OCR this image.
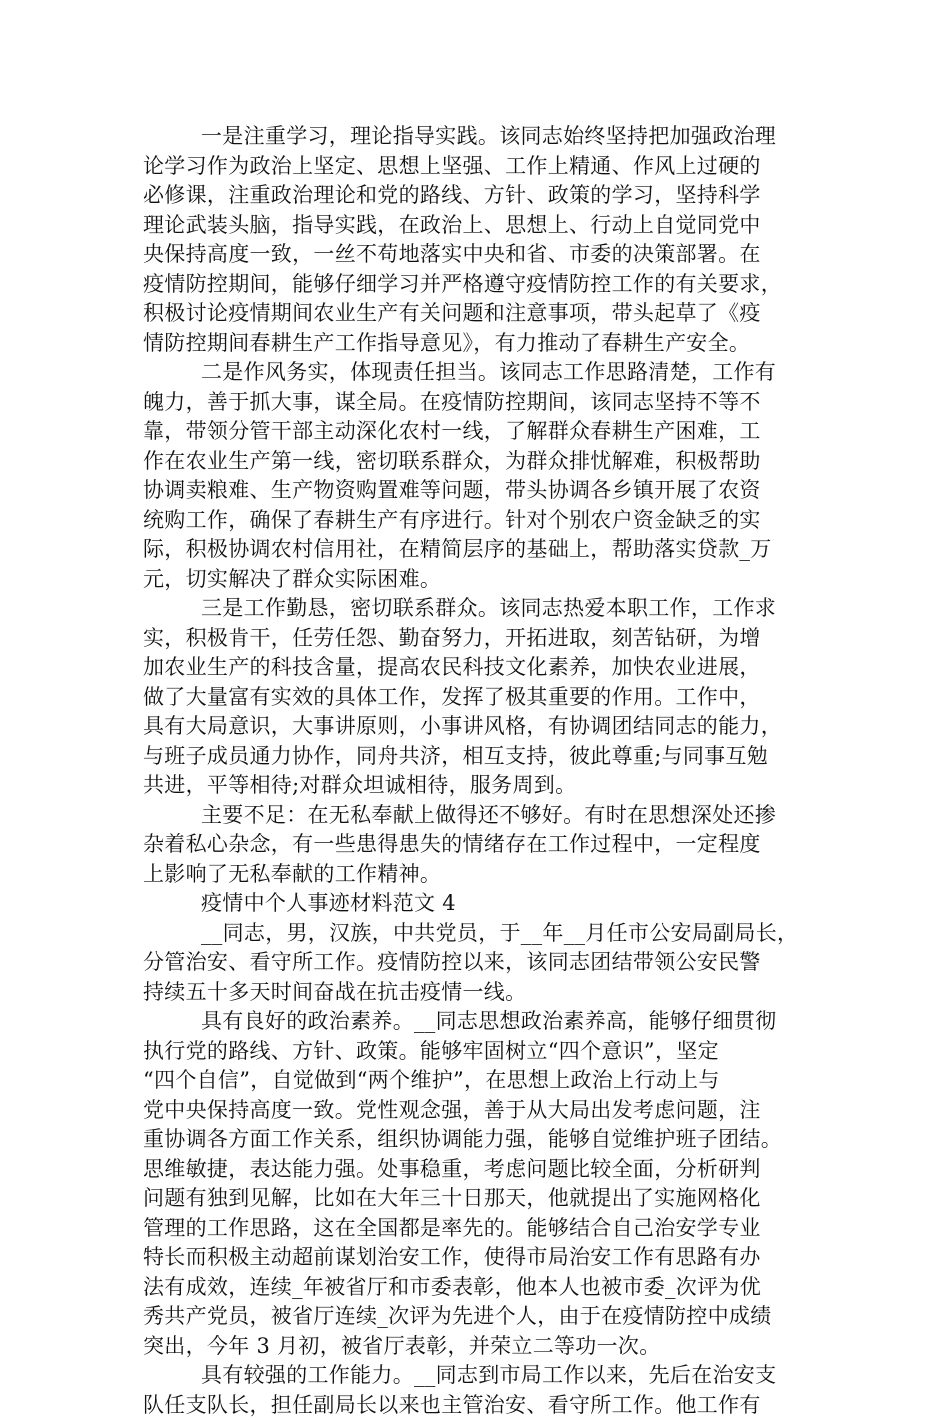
一是注重学习，理论指导实践。该同志始终坚持把加强政治理
论学习作为政治上坚定、思想上坚强、工作上精通、作风上过硬的
必修课，注重政治理论和党的路线、方针、政策的学习，坚持科学
理论武装头脑，指导实践，在政治上、思想上、行动上自觉同党中
央保持高度一致，一丝不苟地落实中央和省、市委的决策部署。在
疫情防控期间，能够仔细学习并严格遵守疫情防控工作的有关要求，
积极讨论疫情期间农业生产有关问题和注意事项，带头起草了《疫
情防控期间春耕生产工作指导意见》，有力推动了春耕生产安全。
二是作风务实，体现责任担当。该同志工作思路清楚，工作有
魄力，善于抓大事，谋全局。在疫情防控期间，该同志坚持不等不
靠，带领分管干部主动深化农村一线，了解群众春耕生产困难，工
作在农业生产第一线，密切联系群众，为群众排忧解难，积极帮助
协调卖粮难、生产物资购置难等问题，带头协调各乡镇开展了农资
统购工作，确保了春耕生产有序进行。针对个别农户资金缺乏的实
际，积极协调农村信用社，在精简层序的基础上，帮助落实贷款_万
元，切实解决了群众实际困难。
三是工作勤恳，密切联系群众。该同志热爱本职工作，工作求
实，积极肯干，任劳任怨、勤奋努力，开拓进取，刻苦钻研，为增
加农业生产的科技含量，提高农民科技文化素养，加快农业进展，
做了大量富有实效的具体工作，发挥了极其重要的作用。工作中，
具有大局意识，大事讲原则，小事讲风格，有协调团结同志的能力，
与班子成员通力协作，同舟共济，相互支持，彼此尊重;与同事互勉
共进，平等相待;对群众坦诚相待，服务周到。
主要不足：在无私奉献上做得还不够好。有时在思想深处还掺
杂着私心杂念，有一些患得患失的情绪存在工作过程中，一定程度
上影响了无私奉献的工作精神。
疫情中个人事迹材料范文 4
__同志，男，汉族，中共党员，于__年__月任市公安局副局长，
分管治安、看守所工作。疫情防控以来，该同志团结带领公安民警
持续五十多天时间奋战在抗击疫情一线。
具有良好的政治素养。__同志思想政治素养高，能够仔细贯彻
执行党的路线、方针、政策。能够牢固树立“四个意识”，坚定
“四个自信”，自觉做到“两个维护”，在思想上政治上行动上与
党中央保持高度一致。党性观念强，善于从大局出发考虑问题，注
重协调各方面工作关系，组织协调能力强，能够自觉维护班子团结。
思维敏捷，表达能力强。处事稳重，考虑问题比较全面，分析研判
问题有独到见解，比如在大年三十日那天，他就提出了实施网格化
管理的工作思路，这在全国都是率先的。能够结合自己治安学专业
特长而积极主动超前谋划治安工作，使得市局治安工作有思路有办
法有成效，连续_年被省厅和市委表彰，他本人也被市委_次评为优
秀共产党员，被省厅连续_次评为先进个人，由于在疫情防控中成绩
突出，今年 3 月初，被省厅表彰，并荣立二等功一次。
具有较强的工作能力。__同志到市局工作以来，先后在治安支
队任支队长，担任副局长以来也主管治安、看守所工作。他工作有
